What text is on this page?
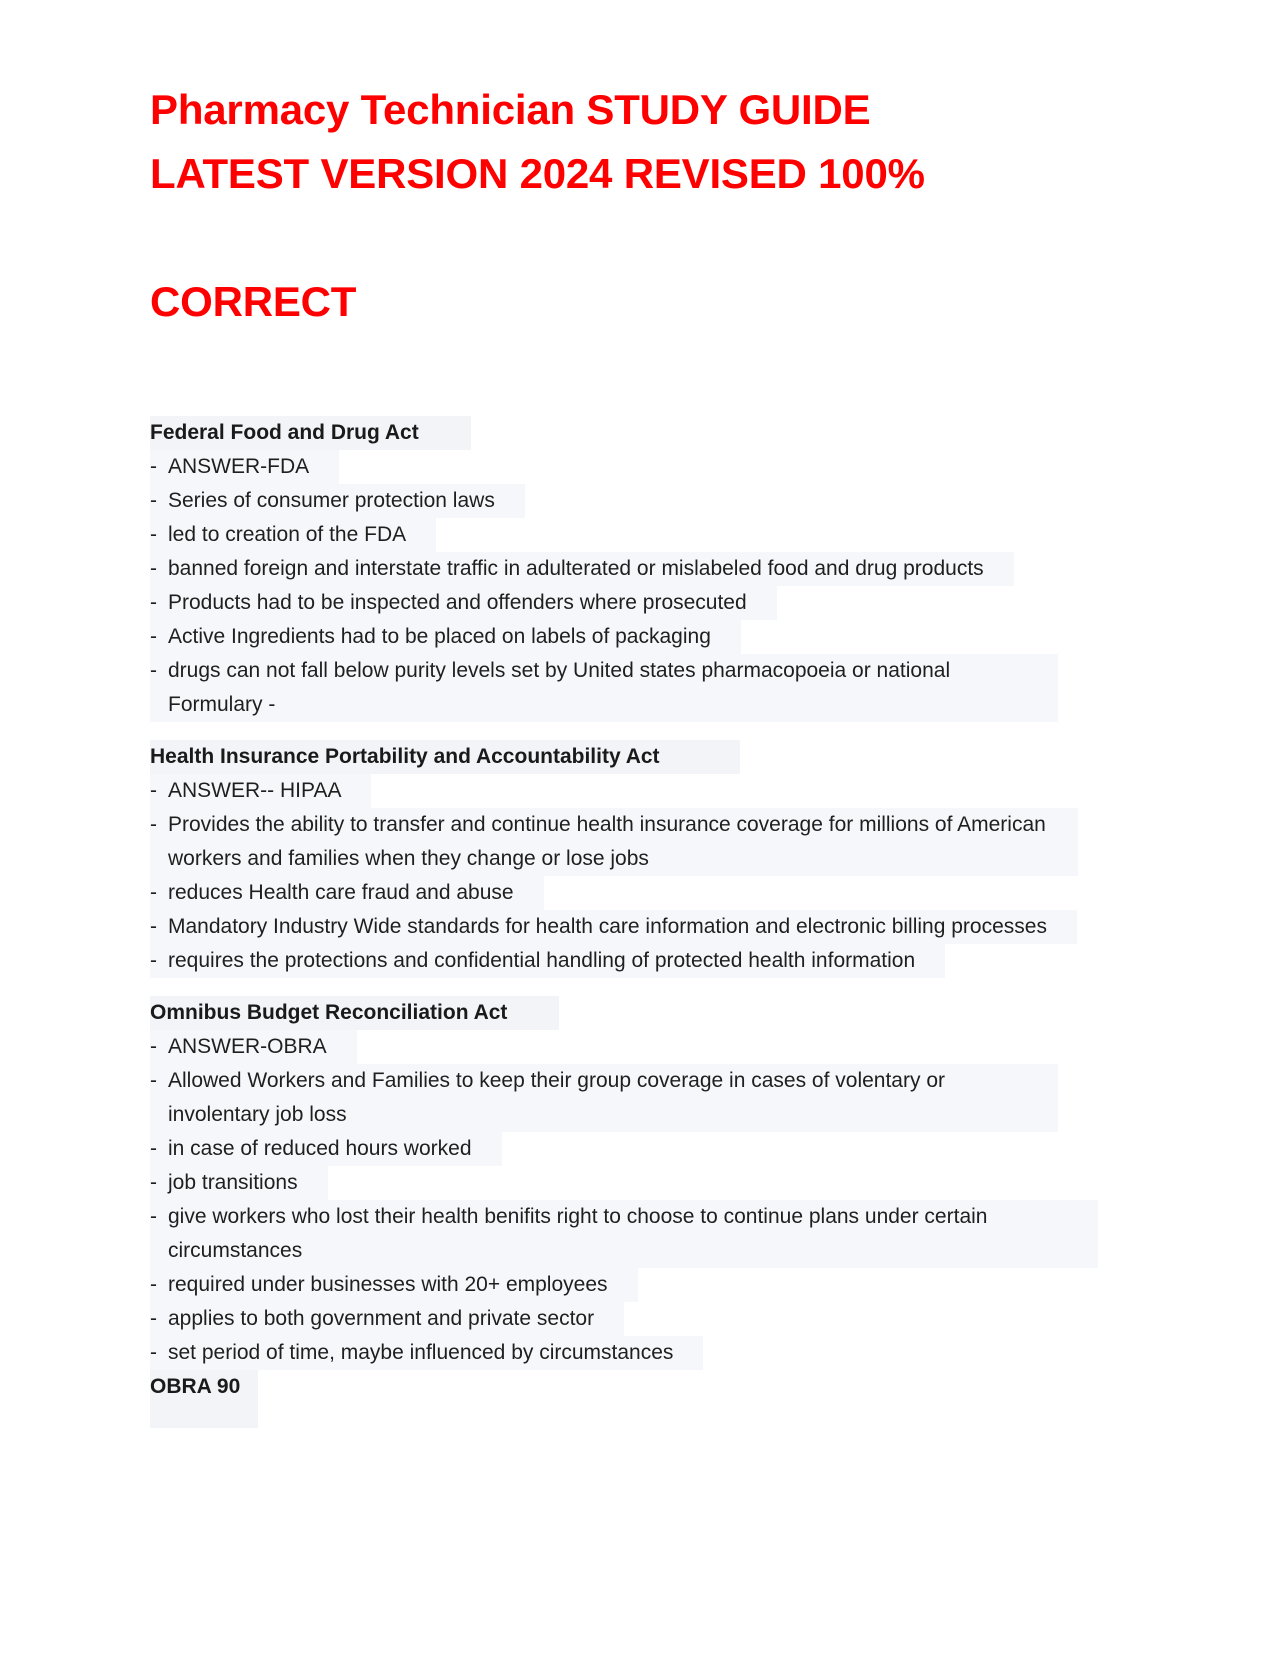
Pharmacy Technician STUDY GUIDE
LATEST VERSION 2024 REVISED 100%
CORRECT
Federal Food and Drug Act
- ANSWER-FDA
- Series of consumer protection laws
- led to creation of the FDA
- banned foreign and interstate traffic in adulterated or mislabeled food and drug products
- Products had to be inspected and offenders where prosecuted
- Active Ingredients had to be placed on labels of packaging
- drugs can not fall below purity levels set by United states pharmacopoeia or national Formulary -
Health Insurance Portability and Accountability Act
- ANSWER-- HIPAA
- Provides the ability to transfer and continue health insurance coverage for millions of American workers and families when they change or lose jobs
- reduces Health care fraud and abuse
- Mandatory Industry Wide standards for health care information and electronic billing processes
- requires the protections and confidential handling of protected health information
Omnibus Budget Reconciliation Act
- ANSWER-OBRA
- Allowed Workers and Families to keep their group coverage in cases of volentary or involentary job loss
- in case of reduced hours worked
- job transitions
- give workers who lost their health benifits right to choose to continue plans under certain circumstances
- required under businesses with 20+ employees
- applies to both government and private sector
- set period of time, maybe influenced by circumstances
OBRA 90
